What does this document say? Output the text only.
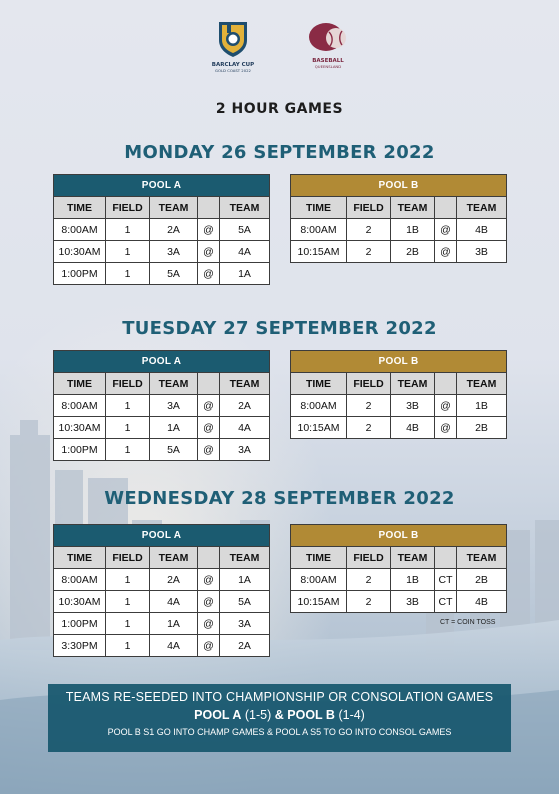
BARCLAY CUP
GOLD COAST 2022
BASEBALL
QUEENSLAND
2 HOUR GAMES
MONDAY 26 SEPTEMBER 2022
TUESDAY 27 SEPTEMBER 2022
WEDNESDAY 28 SEPTEMBER 2022
POOL A				
TIME	FIELD	TEAM		TEAM
8:00AM	1	2A	@	5A
10:30AM	1	3A	@	4A
1:00PM	1	5A	@	1A
POOL B				
TIME	FIELD	TEAM		TEAM
8:00AM	2	1B	@	4B
10:15AM	2	2B	@	3B
POOL A				
TIME	FIELD	TEAM		TEAM
8:00AM	1	3A	@	2A
10:30AM	1	1A	@	4A
1:00PM	1	5A	@	3A
POOL B				
TIME	FIELD	TEAM		TEAM
8:00AM	2	3B	@	1B
10:15AM	2	4B	@	2B
POOL A				
TIME	FIELD	TEAM		TEAM
8:00AM	1	2A	@	1A
10:30AM	1	4A	@	5A
1:00PM	1	1A	@	3A
3:30PM	1	4A	@	2A
POOL B				
TIME	FIELD	TEAM		TEAM
8:00AM	2	1B	CT	2B
10:15AM	2	3B	CT	4B
CT = COIN TOSS
TEAMS RE-SEEDED INTO CHAMPIONSHIP OR CONSOLATION GAMES
POOL A (1-5) & POOL B (1-4)
POOL B S1 GO INTO CHAMP GAMES & POOL A S5 TO GO INTO CONSOL GAMES
